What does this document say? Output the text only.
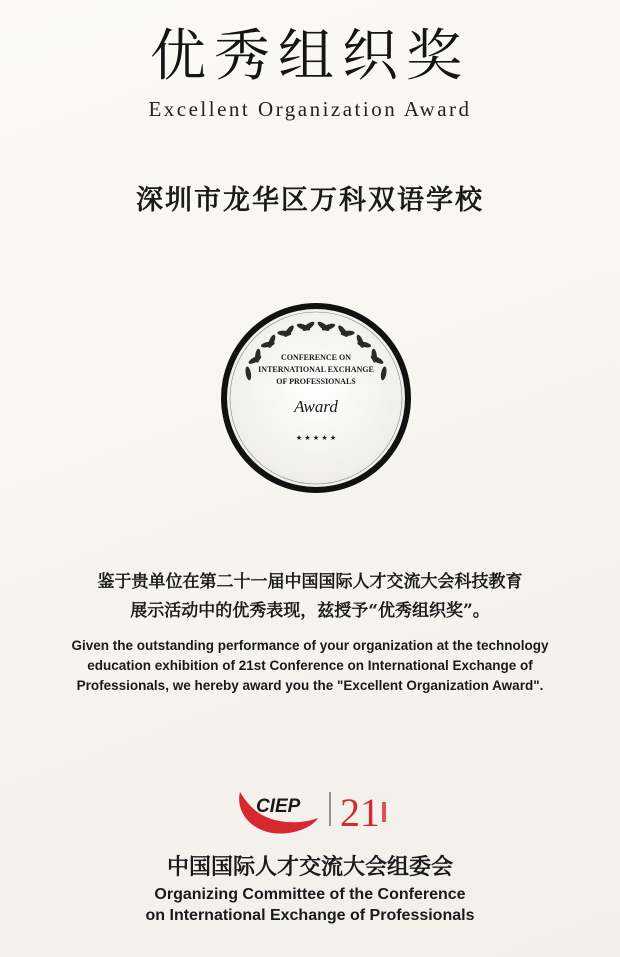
优秀组织奖
Excellent Organization Award
深圳市龙华区万科双语学校
CONFERENCE ON
INTERNATIONAL EXCHANGE
OF PROFESSIONALS
Award
★ ★ ★ ★ ★
鉴于贵单位在第二十一届中国国际人才交流大会科技教育
展示活动中的优秀表现，兹授予“优秀组织奖”。
Given the outstanding performance of your organization at the technology
education exhibition of 21st Conference on International Exchange of
Professionals, we hereby award you the "Excellent Organization Award".
CIEP 21
中国国际人才交流大会组委会
Organizing Committee of the Conference
on International Exchange of Professionals
